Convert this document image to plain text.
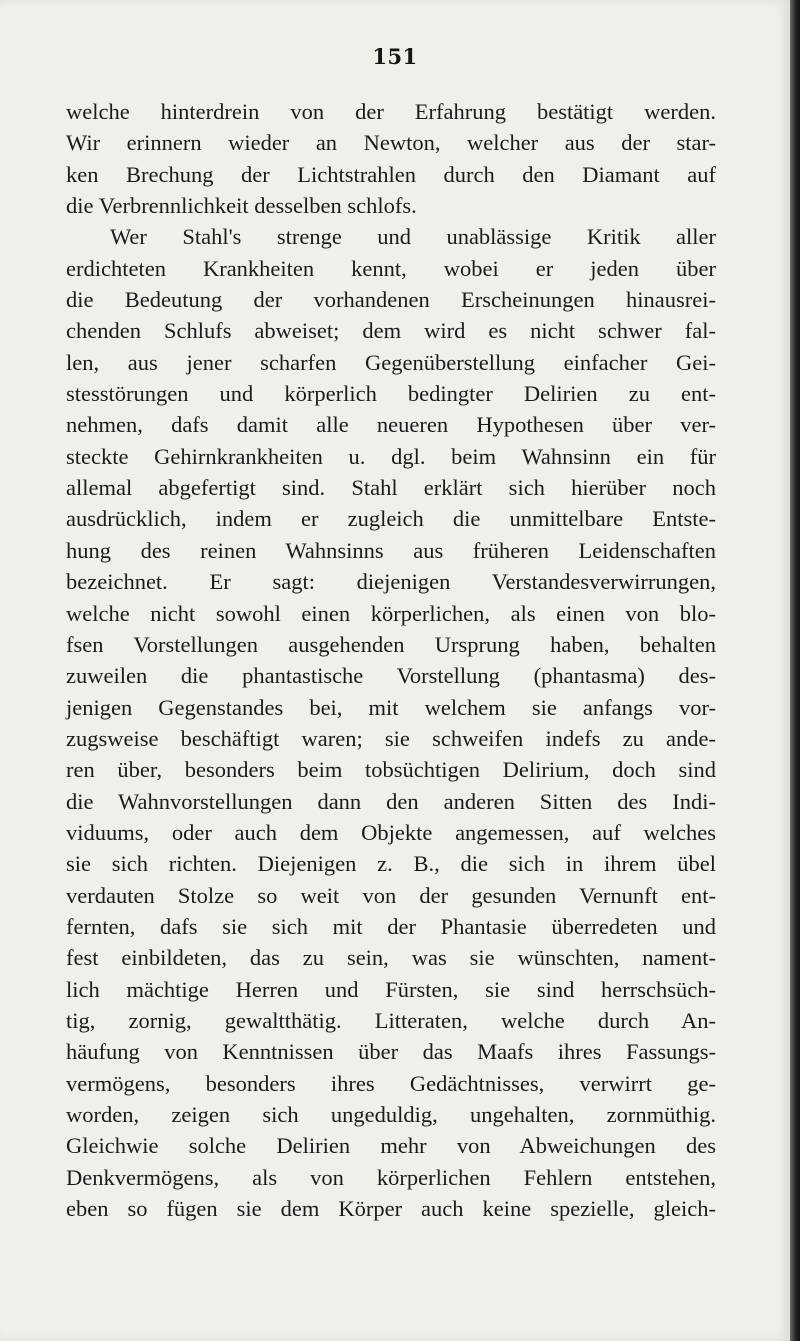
151
welche hinterdrein von der Erfahrung bestätigt werden.
Wir erinnern wieder an Newton, welcher aus der star-
ken Brechung der Lichtstrahlen durch den Diamant auf
die Verbrennlichkeit desselben schlofs.
Wer Stahl's strenge und unablässige Kritik aller
erdichteten Krankheiten kennt, wobei er jeden über
die Bedeutung der vorhandenen Erscheinungen hinausrei-
chenden Schlufs abweiset; dem wird es nicht schwer fal-
len, aus jener scharfen Gegenüberstellung einfacher Gei-
stesstörungen und körperlich bedingter Delirien zu ent-
nehmen, dafs damit alle neueren Hypothesen über ver-
steckte Gehirnkrankheiten u. dgl. beim Wahnsinn ein für
allemal abgefertigt sind. Stahl erklärt sich hierüber noch
ausdrücklich, indem er zugleich die unmittelbare Entste-
hung des reinen Wahnsinns aus früheren Leidenschaften
bezeichnet. Er sagt: diejenigen Verstandesverwirrungen,
welche nicht sowohl einen körperlichen, als einen von blo-
fsen Vorstellungen ausgehenden Ursprung haben, behalten
zuweilen die phantastische Vorstellung (phantasma) des-
jenigen Gegenstandes bei, mit welchem sie anfangs vor-
zugsweise beschäftigt waren; sie schweifen indefs zu ande-
ren über, besonders beim tobsüchtigen Delirium, doch sind
die Wahnvorstellungen dann den anderen Sitten des Indi-
viduums, oder auch dem Objekte angemessen, auf welches
sie sich richten. Diejenigen z. B., die sich in ihrem übel
verdauten Stolze so weit von der gesunden Vernunft ent-
fernten, dafs sie sich mit der Phantasie überredeten und
fest einbildeten, das zu sein, was sie wünschten, nament-
lich mächtige Herren und Fürsten, sie sind herrschsüch-
tig, zornig, gewaltthätig. Litteraten, welche durch An-
häufung von Kenntnissen über das Maafs ihres Fassungs-
vermögens, besonders ihres Gedächtnisses, verwirrt ge-
worden, zeigen sich ungeduldig, ungehalten, zornmüthig.
Gleichwie solche Delirien mehr von Abweichungen des
Denkvermögens, als von körperlichen Fehlern entstehen,
eben so fügen sie dem Körper auch keine spezielle, gleich-
